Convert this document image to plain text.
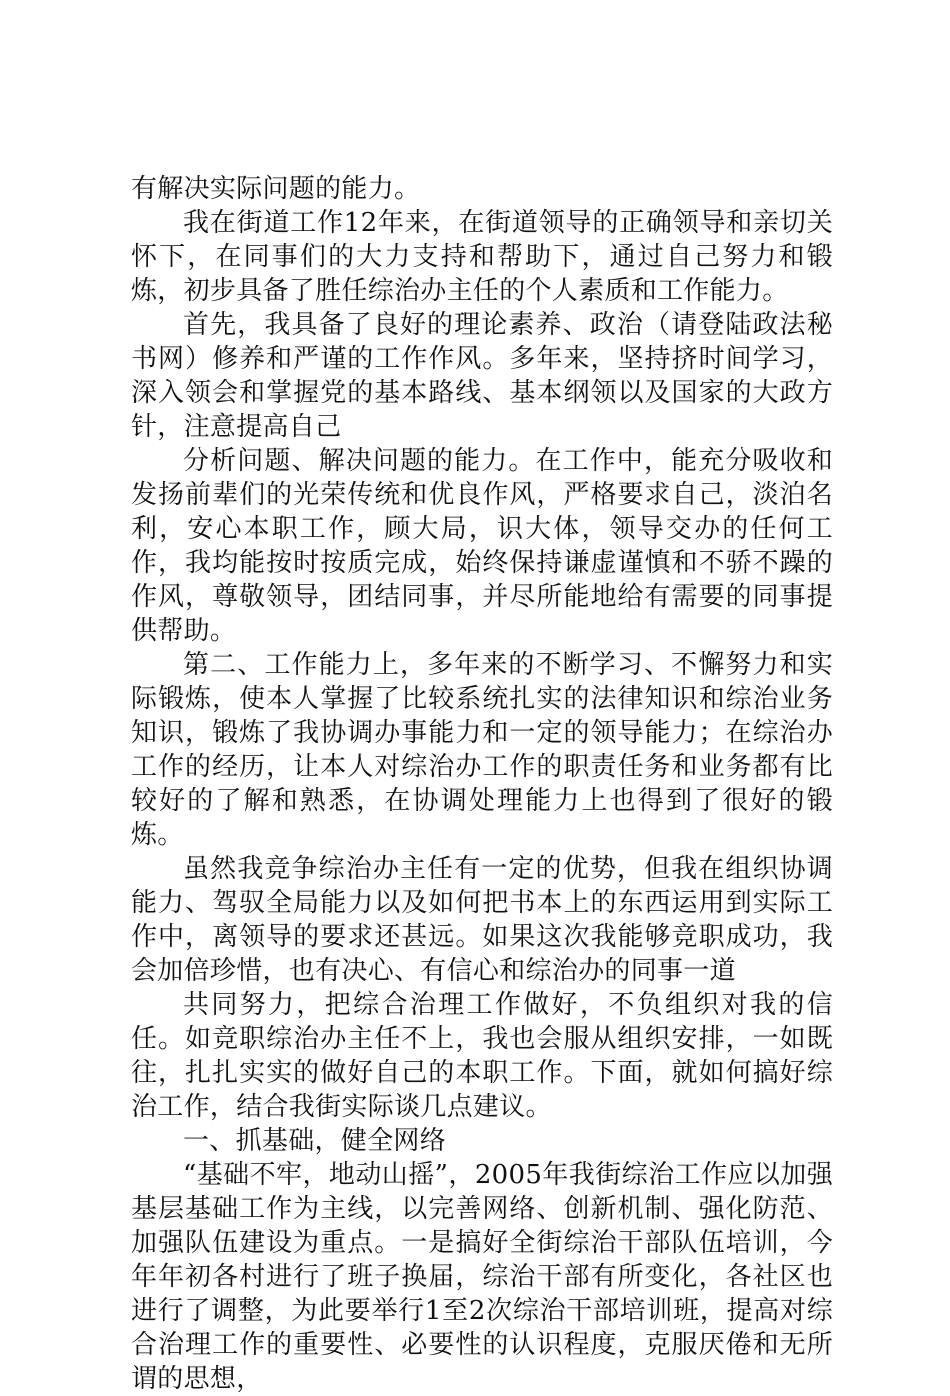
有解决实际问题的能力。

我在街道工作12年来，在街道领导的正确领导和亲切关怀下，在同事们的大力支持和帮助下，通过自己努力和锻炼，初步具备了胜任综治办主任的个人素质和工作能力。

首先，我具备了良好的理论素养、政治（请登陆政法秘书网）修养和严谨的工作作风。多年来，坚持挤时间学习，深入领会和掌握党的基本路线、基本纲领以及国家的大政方针，注意提高自己

分析问题、解决问题的能力。在工作中，能充分吸收和发扬前辈们的光荣传统和优良作风，严格要求自己，淡泊名利，安心本职工作，顾大局，识大体，领导交办的任何工作，我均能按时按质完成，始终保持谦虚谨慎和不骄不躁的作风，尊敬领导，团结同事，并尽所能地给有需要的同事提供帮助。

第二、工作能力上，多年来的不断学习、不懈努力和实际锻炼，使本人掌握了比较系统扎实的法律知识和综治业务知识，锻炼了我协调办事能力和一定的领导能力；在综治办工作的经历，让本人对综治办工作的职责任务和业务都有比较好的了解和熟悉，在协调处理能力上也得到了很好的锻炼。

虽然我竞争综治办主任有一定的优势，但我在组织协调能力、驾驭全局能力以及如何把书本上的东西运用到实际工作中，离领导的要求还甚远。如果这次我能够竞职成功，我会加倍珍惜，也有决心、有信心和综治办的同事一道

共同努力，把综合治理工作做好，不负组织对我的信任。如竞职综治办主任不上，我也会服从组织安排，一如既往，扎扎实实的做好自己的本职工作。下面，就如何搞好综治工作，结合我街实际谈几点建议。

一、抓基础，健全网络

“基础不牢，地动山摇”，2005年我街综治工作应以加强基层基础工作为主线，以完善网络、创新机制、强化防范、加强队伍建设为重点。一是搞好全街综治干部队伍培训，今年年初各村进行了班子换届，综治干部有所变化，各社区也进行了调整，为此要举行1至2次综治干部培训班，提高对综合治理工作的重要性、必要性的认识程度，克服厌倦和无所谓的思想，
